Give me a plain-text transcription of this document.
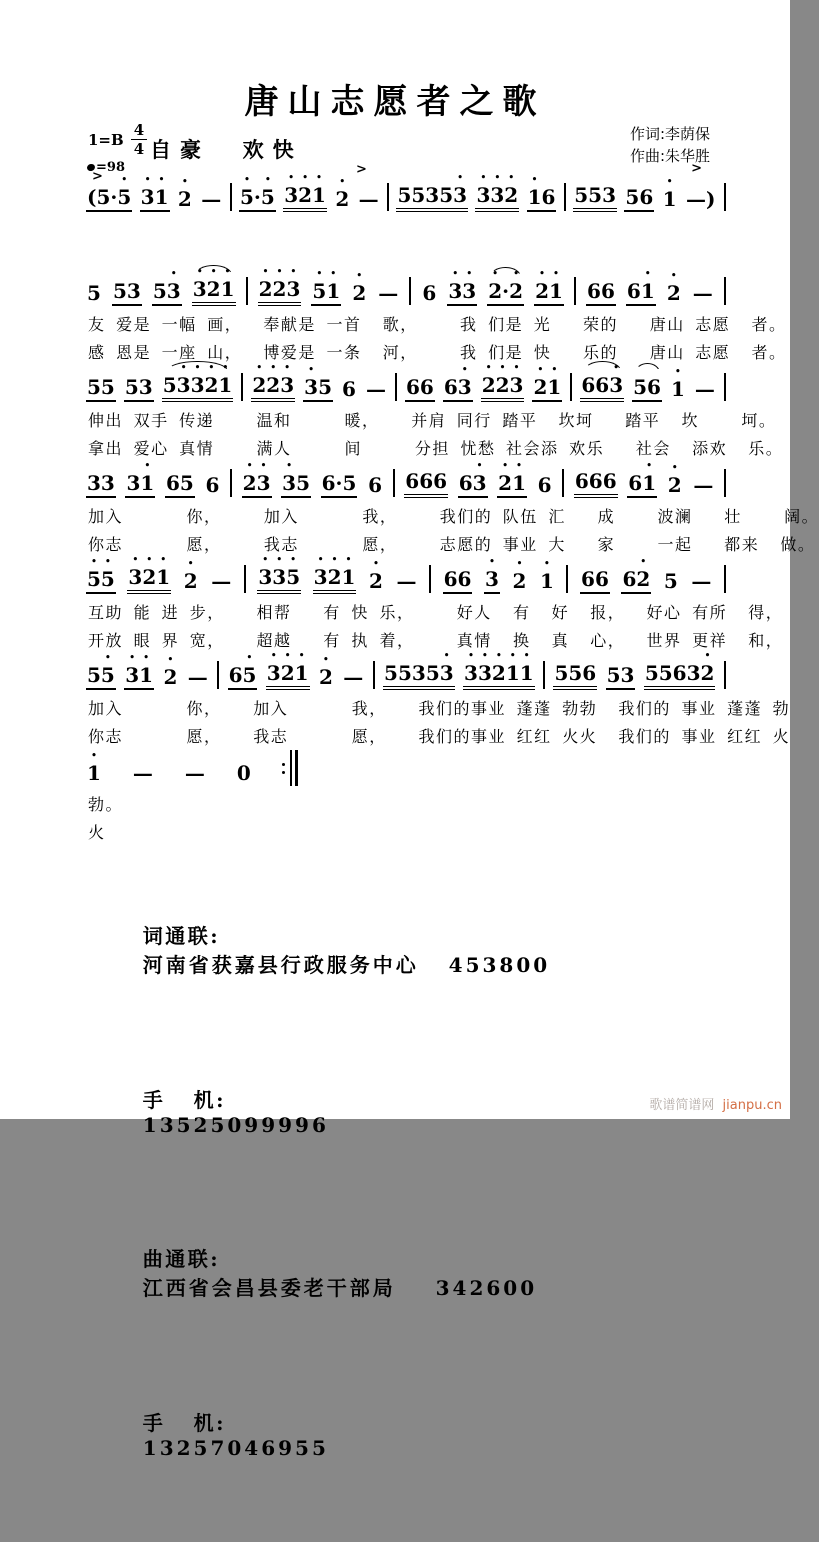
唐山志愿者之歌
$1=B \frac{4}{4}$ 自豪  欢快
=98
作词:李荫保
作曲:朱华胜
>	>	>
( 5 · 5 • 3 • 1 • 2 • — 5 • · 5 • 3 • 2 • 1 • 2 • — 5 5 3 5 3 • 3 • 3 • 2 • 1 • 6 5 5 3 5 6 1 • — )
5 5 3 5 3 • 3 • 2 • 1 • 2 • 2 • 3 • 5 • 1 • 2 • — 6 3 • 3 • 2 • · 2 • 2 • 1 • 6 6 6 1 • 2 • —
友 爱是 一幅 画，  奉献是 一首  歌，    我 们是 光   荣的   唐山 志愿  者。
感 恩是 一座 山，  博爱是 一条  河，    我 们是 快   乐的   唐山 志愿  者。
5 5 5 3 5 3 • 3 • 2 • 1 • 2 • 2 • 3 • 3 • 5 6 — 6 6 6 3 • 2 • 2 • 3 • 2 • 1 • 6 6 3 • 5 6 1 • —
伸出 双手 传递    温和     暖，   并肩 同行 踏平  坎坷   踏平  坎    坷。
拿出 爱心 真情    满人     间     分担 忧愁 社会添 欢乐   社会  添欢  乐。
3 3 3 1 • 6 5 6 2 • 3 • 3 • 5 6 · 5 6 6 6 6 6 3 • 2 • 1 • 6 6 6 6 6 1 • 2 • —
加入      你，    加入      我，    我们的 队伍 汇   成    波澜   壮    阔。
你志      愿，    我志      愿，    志愿的 事业 大   家    一起   都来  做。
5 • 5 • 3 • 2 • 1 • 2 • — 3 • 3 • 5 • 3 • 2 • 1 • 2 • — 6 6 3 • 2 • 1 • 6 6 6 2 • 5 —
互助 能 进 步，   相帮   有 快 乐，    好人  有  好  报，  好心 有所  得，
开放 眼 界 宽，   超越   有 执 着，    真情  换  真  心，  世界 更祥  和，
5 5 • 3 • 1 • 2 • — 6 5 • 3 • 2 • 1 • 2 • — 5 5 3 5 3 • 3 • 3 • 2 • 1 • 1 • 5 5 6 5 3 5 5 6 3 2 •
加入      你，   加入      我，   我们的事业 蓬蓬 勃勃  我们的 事业 蓬蓬 勃
你志      愿，   我志      愿，   我们的事业 红红 火火  我们的 事业 红红 火
1 • — — 0
勃。
火

词通联:
河南省获嘉县行政服务中心   453800

手   机:
13525099996

曲通联:
江西省会昌县委老干部局    342600

手   机:
13257046955

歌谱简谱网 jianpu.cn
